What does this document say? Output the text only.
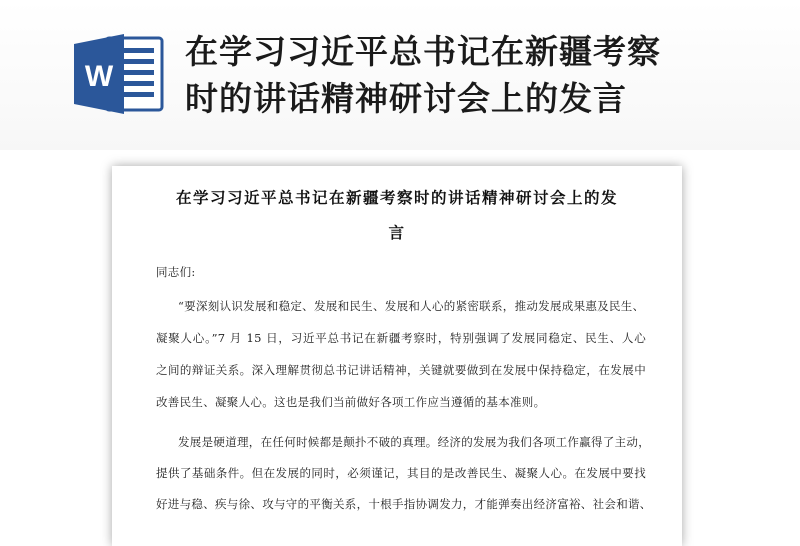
W
在学习习近平总书记在新疆考察
时的讲话精神研讨会上的发言
在学习习近平总书记在新疆考察时的讲话精神研讨会上的发
言
同志们:
“要深刻认识发展和稳定、发展和民生、发展和人心的紧密联系，推动发展成果惠及民生、
凝聚人心。”7 月 15 日，习近平总书记在新疆考察时，特别强调了发展同稳定、民生、人心
之间的辩证关系。深入理解贯彻总书记讲话精神，关键就要做到在发展中保持稳定，在发展中
改善民生、凝聚人心。这也是我们当前做好各项工作应当遵循的基本准则。
发展是硬道理，在任何时候都是颠扑不破的真理。经济的发展为我们各项工作赢得了主动，
提供了基础条件。但在发展的同时，必须谨记，其目的是改善民生、凝聚人心。在发展中要找
好进与稳、疾与徐、攻与守的平衡关系，十根手指协调发力，才能弹奏出经济富裕、社会和谐、
